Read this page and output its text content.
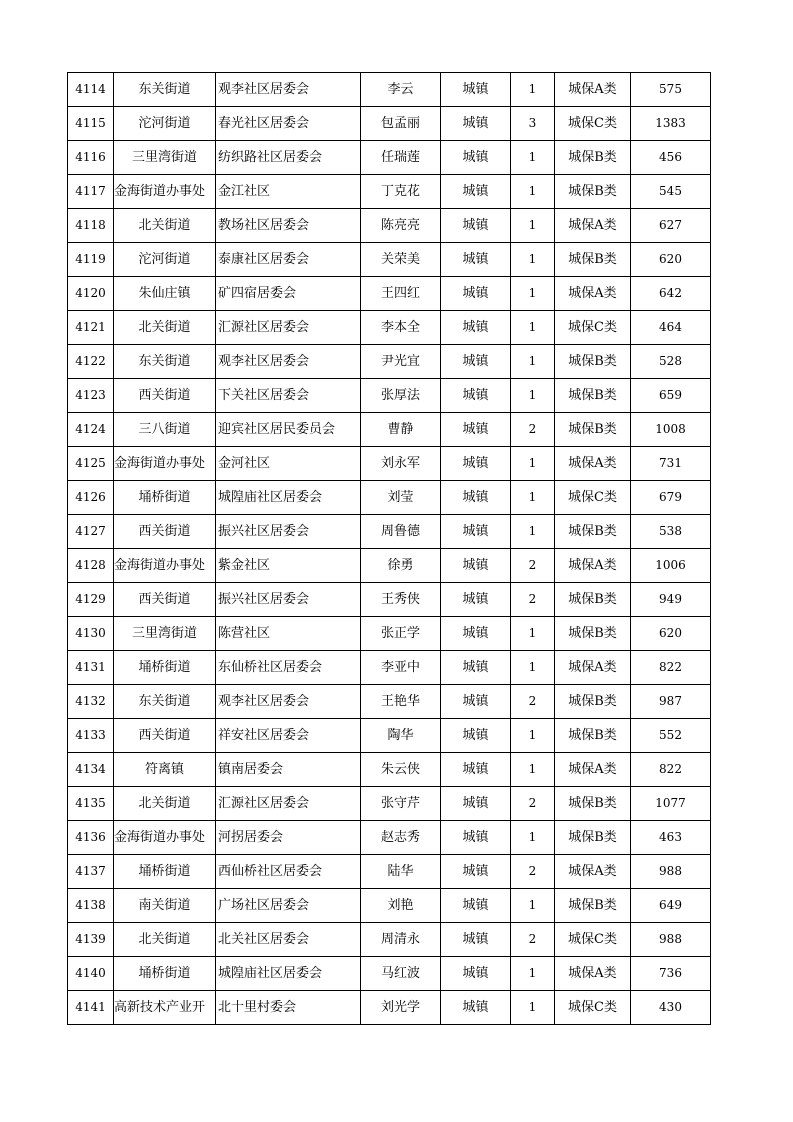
4114	东关街道	观李社区居委会	李云	城镇	1	城保A类	575
4115	沱河街道	春光社区居委会	包孟丽	城镇	3	城保C类	1383
4116	三里湾街道	纺织路社区居委会	任瑞莲	城镇	1	城保B类	456
4117	金海街道办事处	金江社区	丁克花	城镇	1	城保B类	545
4118	北关街道	教场社区居委会	陈亮亮	城镇	1	城保A类	627
4119	沱河街道	泰康社区居委会	关荣美	城镇	1	城保B类	620
4120	朱仙庄镇	矿四宿居委会	王四红	城镇	1	城保A类	642
4121	北关街道	汇源社区居委会	李本全	城镇	1	城保C类	464
4122	东关街道	观李社区居委会	尹光宜	城镇	1	城保B类	528
4123	西关街道	下关社区居委会	张厚法	城镇	1	城保B类	659
4124	三八街道	迎宾社区居民委员会	曹静	城镇	2	城保B类	1008
4125	金海街道办事处	金河社区	刘永军	城镇	1	城保A类	731
4126	埇桥街道	城隍庙社区居委会	刘莹	城镇	1	城保C类	679
4127	西关街道	振兴社区居委会	周鲁德	城镇	1	城保B类	538
4128	金海街道办事处	紫金社区	徐勇	城镇	2	城保A类	1006
4129	西关街道	振兴社区居委会	王秀侠	城镇	2	城保B类	949
4130	三里湾街道	陈营社区	张正学	城镇	1	城保B类	620
4131	埇桥街道	东仙桥社区居委会	李亚中	城镇	1	城保A类	822
4132	东关街道	观李社区居委会	王艳华	城镇	2	城保B类	987
4133	西关街道	祥安社区居委会	陶华	城镇	1	城保B类	552
4134	符离镇	镇南居委会	朱云侠	城镇	1	城保A类	822
4135	北关街道	汇源社区居委会	张守芹	城镇	2	城保B类	1077
4136	金海街道办事处	河拐居委会	赵志秀	城镇	1	城保B类	463
4137	埇桥街道	西仙桥社区居委会	陆华	城镇	2	城保A类	988
4138	南关街道	广场社区居委会	刘艳	城镇	1	城保B类	649
4139	北关街道	北关社区居委会	周清永	城镇	2	城保C类	988
4140	埇桥街道	城隍庙社区居委会	马红波	城镇	1	城保A类	736
4141	高新技术产业开	北十里村委会	刘光学	城镇	1	城保C类	430
